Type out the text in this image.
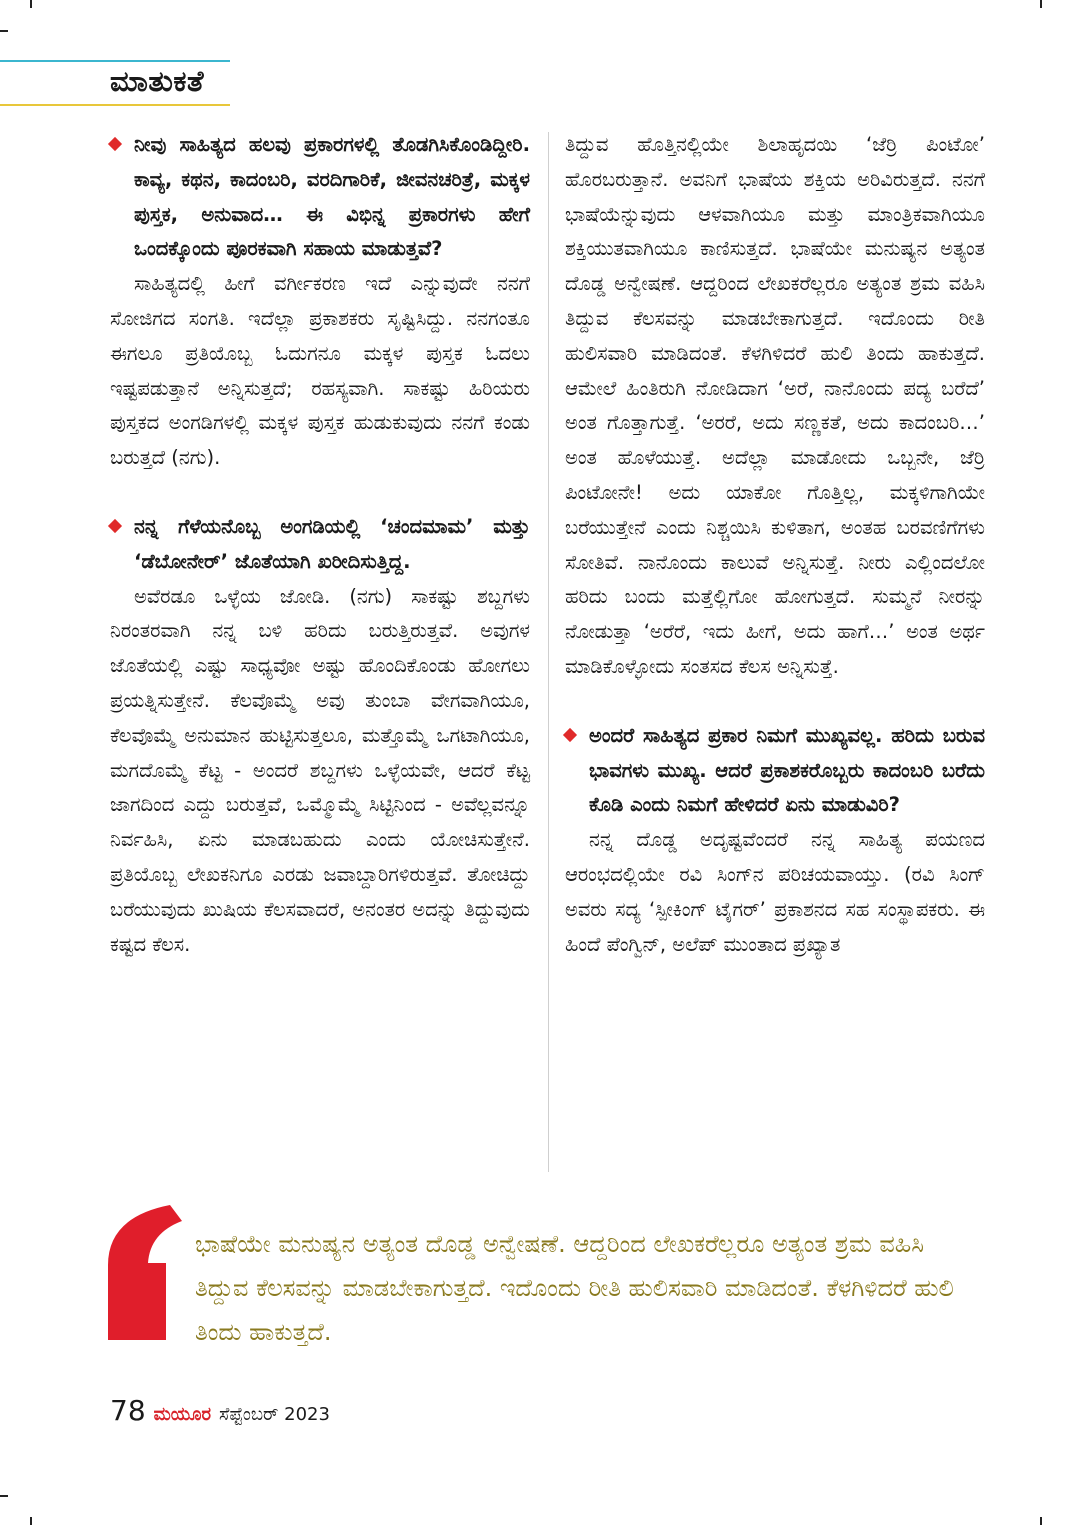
ಮಾತುಕತೆ

ನೀವು ಸಾಹಿತ್ಯದ ಹಲವು ಪ್ರಕಾರಗಳಲ್ಲಿ ತೊಡಗಿಸಿಕೊಂಡಿದ್ದೀರಿ. ಕಾವ್ಯ, ಕಥನ, ಕಾದಂಬರಿ, ವರದಿಗಾರಿಕೆ, ಜೀವನಚರಿತ್ರೆ, ಮಕ್ಕಳ ಪುಸ್ತಕ, ಅನುವಾದ… ಈ ವಿಭಿನ್ನ ಪ್ರಕಾರಗಳು ಹೇಗೆ ಒಂದಕ್ಕೊಂದು ಪೂರಕವಾಗಿ ಸಹಾಯ ಮಾಡುತ್ತವೆ?

ಸಾಹಿತ್ಯದಲ್ಲಿ ಹೀಗೆ ವರ್ಗೀಕರಣ ಇದೆ ಎನ್ನುವುದೇ ನನಗೆ ಸೋಜಿಗದ ಸಂಗತಿ. ಇದೆಲ್ಲಾ ಪ್ರಕಾಶಕರು ಸೃಷ್ಟಿಸಿದ್ದು. ನನಗಂತೂ ಈಗಲೂ ಪ್ರತಿಯೊಬ್ಬ ಓದುಗನೂ ಮಕ್ಕಳ ಪುಸ್ತಕ ಓದಲು ಇಷ್ಟಪಡುತ್ತಾನೆ ಅನ್ನಿಸುತ್ತದೆ; ರಹಸ್ಯವಾಗಿ. ಸಾಕಷ್ಟು ಹಿರಿಯರು ಪುಸ್ತಕದ ಅಂಗಡಿಗಳಲ್ಲಿ ಮಕ್ಕಳ ಪುಸ್ತಕ ಹುಡುಕುವುದು ನನಗೆ ಕಂಡು ಬರುತ್ತದೆ (ನಗು).

ನನ್ನ ಗೆಳೆಯನೊಬ್ಬ ಅಂಗಡಿಯಲ್ಲಿ ‘ಚಂದಮಾಮ’ ಮತ್ತು ‘ಡೆಬೋನೇರ್’ ಜೊತೆಯಾಗಿ ಖರೀದಿಸುತ್ತಿದ್ದ.

ಅವೆರಡೂ ಒಳ್ಳೆಯ ಜೋಡಿ. (ನಗು) ಸಾಕಷ್ಟು ಶಬ್ದಗಳು ನಿರಂತರವಾಗಿ ನನ್ನ ಬಳಿ ಹರಿದು ಬರುತ್ತಿರುತ್ತವೆ. ಅವುಗಳ ಜೊತೆಯಲ್ಲಿ ಎಷ್ಟು ಸಾಧ್ಯವೋ ಅಷ್ಟು ಹೊಂದಿಕೊಂಡು ಹೋಗಲು ಪ್ರಯತ್ನಿಸುತ್ತೇನೆ. ಕೆಲವೊಮ್ಮೆ ಅವು ತುಂಬಾ ವೇಗವಾಗಿಯೂ, ಕೆಲವೊಮ್ಮೆ ಅನುಮಾನ ಹುಟ್ಟಿಸುತ್ತಲೂ, ಮತ್ತೊಮ್ಮೆ ಒಗಟಾಗಿಯೂ, ಮಗದೊಮ್ಮೆ ಕೆಟ್ಟ - ಅಂದರೆ ಶಬ್ದಗಳು ಒಳ್ಳೆಯವೇ, ಆದರೆ ಕೆಟ್ಟ ಜಾಗದಿಂದ ಎದ್ದು ಬರುತ್ತವೆ, ಒಮ್ಮೊಮ್ಮೆ ಸಿಟ್ಟಿನಿಂದ - ಅವೆಲ್ಲವನ್ನೂ ನಿರ್ವಹಿಸಿ, ಏನು ಮಾಡಬಹುದು ಎಂದು ಯೋಚಿಸುತ್ತೇನೆ. ಪ್ರತಿಯೊಬ್ಬ ಲೇಖಕನಿಗೂ ಎರಡು ಜವಾಬ್ದಾರಿಗಳಿರುತ್ತವೆ. ತೋಚಿದ್ದು ಬರೆಯುವುದು ಖುಷಿಯ ಕೆಲಸವಾದರೆ, ಅನಂತರ ಅದನ್ನು ತಿದ್ದುವುದು ಕಷ್ಟದ ಕೆಲಸ.

ತಿದ್ದುವ ಹೊತ್ತಿನಲ್ಲಿಯೇ ಶಿಲಾಹೃದಯಿ ‘ಜೆರ್ರಿ ಪಿಂಟೋ’ ಹೊರಬರುತ್ತಾನೆ. ಅವನಿಗೆ ಭಾಷೆಯ ಶಕ್ತಿಯ ಅರಿವಿರುತ್ತದೆ. ನನಗೆ ಭಾಷೆಯೆನ್ನುವುದು ಆಳವಾಗಿಯೂ ಮತ್ತು ಮಾಂತ್ರಿಕವಾಗಿಯೂ ಶಕ್ತಿಯುತವಾಗಿಯೂ ಕಾಣಿಸುತ್ತದೆ. ಭಾಷೆಯೇ ಮನುಷ್ಯನ ಅತ್ಯಂತ ದೊಡ್ಡ ಅನ್ವೇಷಣೆ. ಆದ್ದರಿಂದ ಲೇಖಕರೆಲ್ಲರೂ ಅತ್ಯಂತ ಶ್ರಮ ವಹಿಸಿ ತಿದ್ದುವ ಕೆಲಸವನ್ನು ಮಾಡಬೇಕಾಗುತ್ತದೆ. ಇದೊಂದು ರೀತಿ ಹುಲಿಸವಾರಿ ಮಾಡಿದಂತೆ. ಕೆಳಗಿಳಿದರೆ ಹುಲಿ ತಿಂದು ಹಾಕುತ್ತದೆ. ಆಮೇಲೆ ಹಿಂತಿರುಗಿ ನೋಡಿದಾಗ ‘ಅರೆ, ನಾನೊಂದು ಪದ್ಯ ಬರೆದೆ’ ಅಂತ ಗೊತ್ತಾಗುತ್ತೆ. ‘ಅರರೆ, ಅದು ಸಣ್ಣಕತೆ, ಅದು ಕಾದಂಬರಿ…’ ಅಂತ ಹೊಳೆಯುತ್ತೆ. ಅದೆಲ್ಲಾ ಮಾಡೋದು ಒಬ್ಬನೇ, ಜೆರ್ರಿ ಪಿಂಟೋನೇ! ಅದು ಯಾಕೋ ಗೊತ್ತಿಲ್ಲ, ಮಕ್ಕಳಿಗಾಗಿಯೇ ಬರೆಯುತ್ತೇನೆ ಎಂದು ನಿಶ್ಚಯಿಸಿ ಕುಳಿತಾಗ, ಅಂತಹ ಬರವಣಿಗೆಗಳು ಸೋತಿವೆ. ನಾನೊಂದು ಕಾಲುವೆ ಅನ್ನಿಸುತ್ತೆ. ನೀರು ಎಲ್ಲಿಂದಲೋ ಹರಿದು ಬಂದು ಮತ್ತೆಲ್ಲಿಗೋ ಹೋಗುತ್ತದೆ. ಸುಮ್ಮನೆ ನೀರನ್ನು ನೋಡುತ್ತಾ ‘ಅರೆರೆ, ಇದು ಹೀಗೆ, ಅದು ಹಾಗೆ…’ ಅಂತ ಅರ್ಥ ಮಾಡಿಕೊಳ್ಳೋದು ಸಂತಸದ ಕೆಲಸ ಅನ್ನಿಸುತ್ತೆ.

ಅಂದರೆ ಸಾಹಿತ್ಯದ ಪ್ರಕಾರ ನಿಮಗೆ ಮುಖ್ಯವಲ್ಲ. ಹರಿದು ಬರುವ ಭಾವಗಳು ಮುಖ್ಯ. ಆದರೆ ಪ್ರಕಾಶಕರೊಬ್ಬರು ಕಾದಂಬರಿ ಬರೆದು ಕೊಡಿ ಎಂದು ನಿಮಗೆ ಹೇಳಿದರೆ ಏನು ಮಾಡುವಿರಿ?

ನನ್ನ ದೊಡ್ಡ ಅದೃಷ್ಟವೆಂದರೆ ನನ್ನ ಸಾಹಿತ್ಯ ಪಯಣದ ಆರಂಭದಲ್ಲಿಯೇ ರವಿ ಸಿಂಗ್‌ನ ಪರಿಚಯವಾಯ್ತು. (ರವಿ ಸಿಂಗ್ ಅವರು ಸದ್ಯ ‘ಸ್ಪೀಕಿಂಗ್ ಟೈಗರ್’ ಪ್ರಕಾಶನದ ಸಹ ಸಂಸ್ಥಾಪಕರು. ಈ ಹಿಂದೆ ಪೆಂಗ್ವಿನ್, ಅಲೆಪ್ ಮುಂತಾದ ಪ್ರಖ್ಯಾತ

ಭಾಷೆಯೇ ಮನುಷ್ಯನ ಅತ್ಯಂತ ದೊಡ್ಡ ಅನ್ವೇಷಣೆ. ಆದ್ದರಿಂದ ಲೇಖಕರೆಲ್ಲರೂ ಅತ್ಯಂತ ಶ್ರಮ ವಹಿಸಿ ತಿದ್ದುವ ಕೆಲಸವನ್ನು ಮಾಡಬೇಕಾಗುತ್ತದೆ. ಇದೊಂದು ರೀತಿ ಹುಲಿಸವಾರಿ ಮಾಡಿದಂತೆ. ಕೆಳಗಿಳಿದರೆ ಹುಲಿ ತಿಂದು ಹಾಕುತ್ತದೆ.

78 ಮಯೂರ ಸೆಪ್ಟೆಂಬರ್ 2023
